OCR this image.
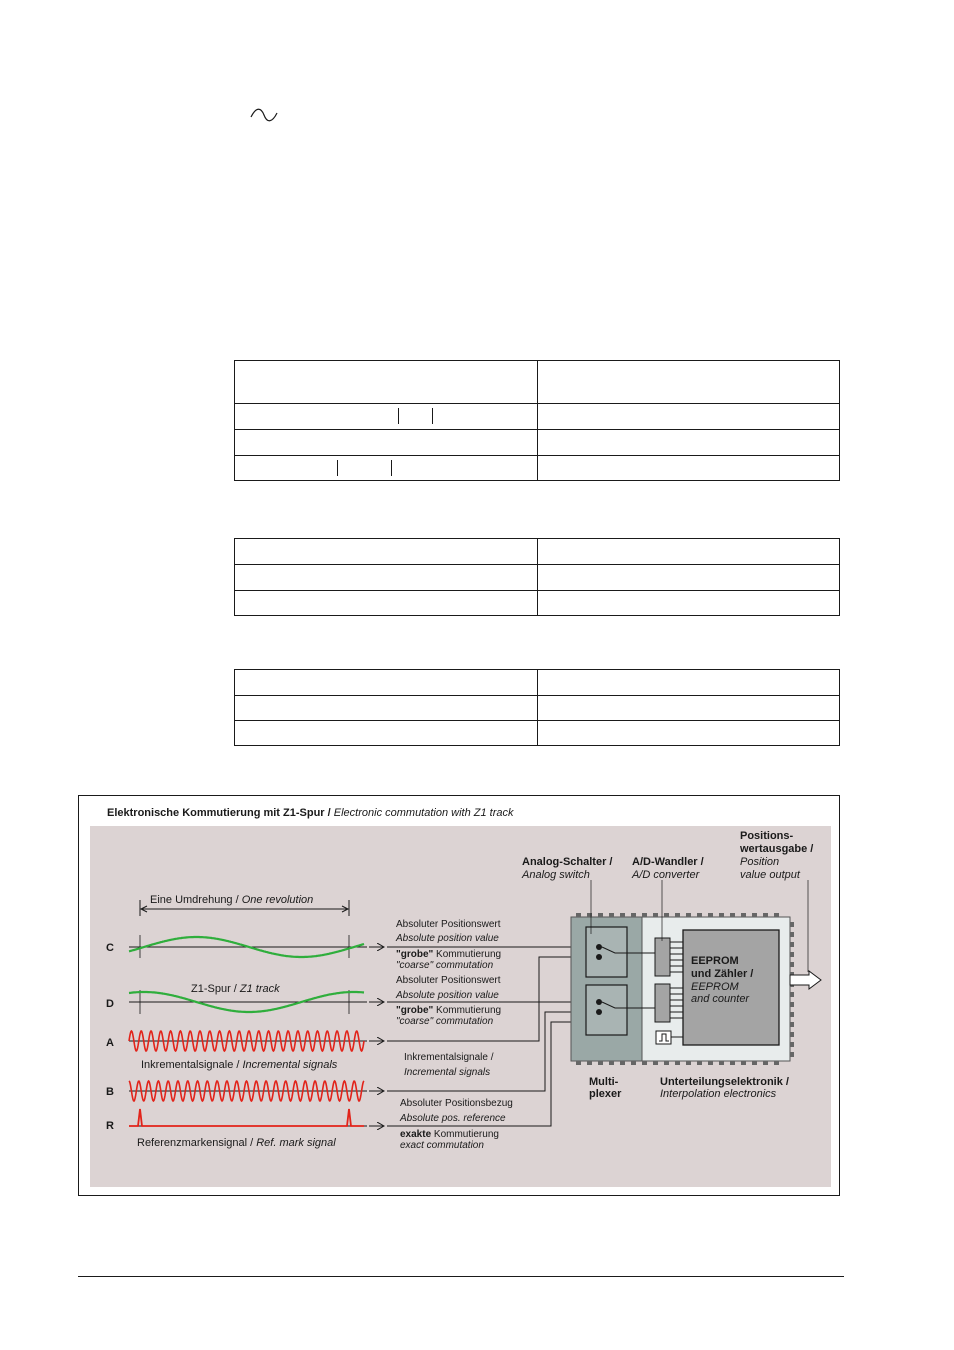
Elektronische Kommutierung mit Z1-Spur / Electronic commutation with Z1 track
Eine Umdrehung / One revolution
C
D
A
B
R
Z1-Spur / Z1 track
Inkrementalsignale / Incremental signals
Referenzmarkensignal / Ref. mark signal
Absoluter Positionswert
Absolute position value
"grobe" Kommutierung
"coarse" commutation
Absoluter Positionswert
Absolute position value
"grobe" Kommutierung
"coarse" commutation
Inkrementalsignale /
Incremental signals
Absoluter Positionsbezug
Absolute pos. reference
exakte Kommutierung
exact commutation
EEPROM
und Zähler /
EEPROM
and counter
Analog-Schalter /
Analog switch
A/D-Wandler /
A/D converter
Positions-
wertausgabe /
Position
value output
Multi-
plexer
Unterteilungselektronik /
Interpolation electronics
